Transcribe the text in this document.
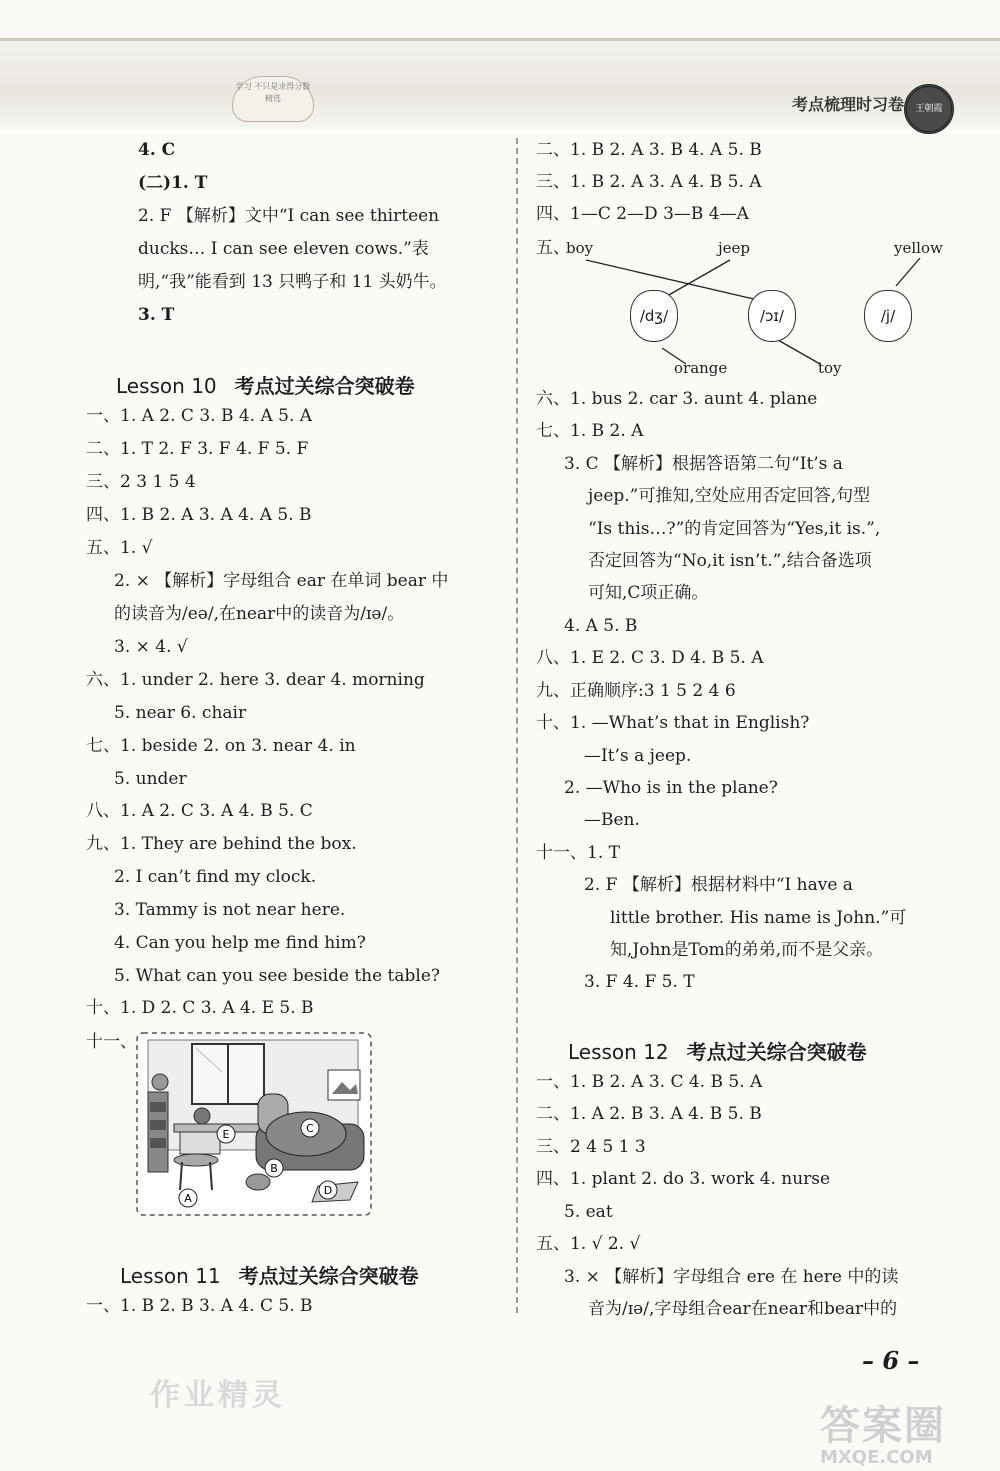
学习 不只是求得分数 精选	考点梳理时习卷	王朝霞
4. C
(二)1. T
2. F 【解析】文中“I can see thirteen
ducks… I can see eleven cows.”表
明,“我”能看到 13 只鸭子和 11 头奶牛。
3. T
Lesson 10 考点过关综合突破卷
一、1. A 2. C 3. B 4. A 5. A
二、1. T 2. F 3. F 4. F 5. F
三、2 3 1 5 4
四、1. B 2. A 3. A 4. A 5. B
五、1. √
2. × 【解析】字母组合 ear 在单词 bear 中
的读音为/eə/,在near中的读音为/ɪə/。
3. × 4. √
六、1. under 2. here 3. dear 4. morning
5. near 6. chair
七、1. beside 2. on 3. near 4. in
5. under
八、1. A 2. C 3. A 4. B 5. C
九、1. They are behind the box.
2. I can’t find my clock.
3. Tammy is not near here.
4. Can you help me find him?
5. What can you see beside the table?
十、1. D 2. C 3. A 4. E 5. B
十一、
A
B
C
D
E
Lesson 11 考点过关综合突破卷
一、1. B 2. B 3. A 4. C 5. B
二、1. B 2. A 3. B 4. A 5. B
三、1. B 2. A 3. A 4. B 5. A
四、1—C 2—D 3—B 4—A
五、
boy	jeep	yellow
/dʒ/	/ɔɪ/	/j/
orange	toy
六、1. bus 2. car 3. aunt 4. plane
七、1. B 2. A
3. C 【解析】根据答语第二句“It’s a
jeep.”可推知,空处应用否定回答,句型
“Is this…?”的肯定回答为“Yes,it is.”,
否定回答为“No,it isn’t.”,结合备选项
可知,C项正确。
4. A 5. B
八、1. E 2. C 3. D 4. B 5. A
九、正确顺序:3 1 5 2 4 6
十、1. —What’s that in English?
—It’s a jeep.
2. —Who is in the plane?
—Ben.
十一、1. T
2. F 【解析】根据材料中“I have a
little brother. His name is John.”可
知,John是Tom的弟弟,而不是父亲。
3. F 4. F 5. T
Lesson 12 考点过关综合突破卷
一、1. B 2. A 3. C 4. B 5. A
二、1. A 2. B 3. A 4. B 5. B
三、2 4 5 1 3
四、1. plant 2. do 3. work 4. nurse
5. eat
五、1. √ 2. √
3. × 【解析】字母组合 ere 在 here 中的读
音为/ɪə/,字母组合ear在near和bear中的
– 6 –
作业精灵
答案圈
MXQE.COM
